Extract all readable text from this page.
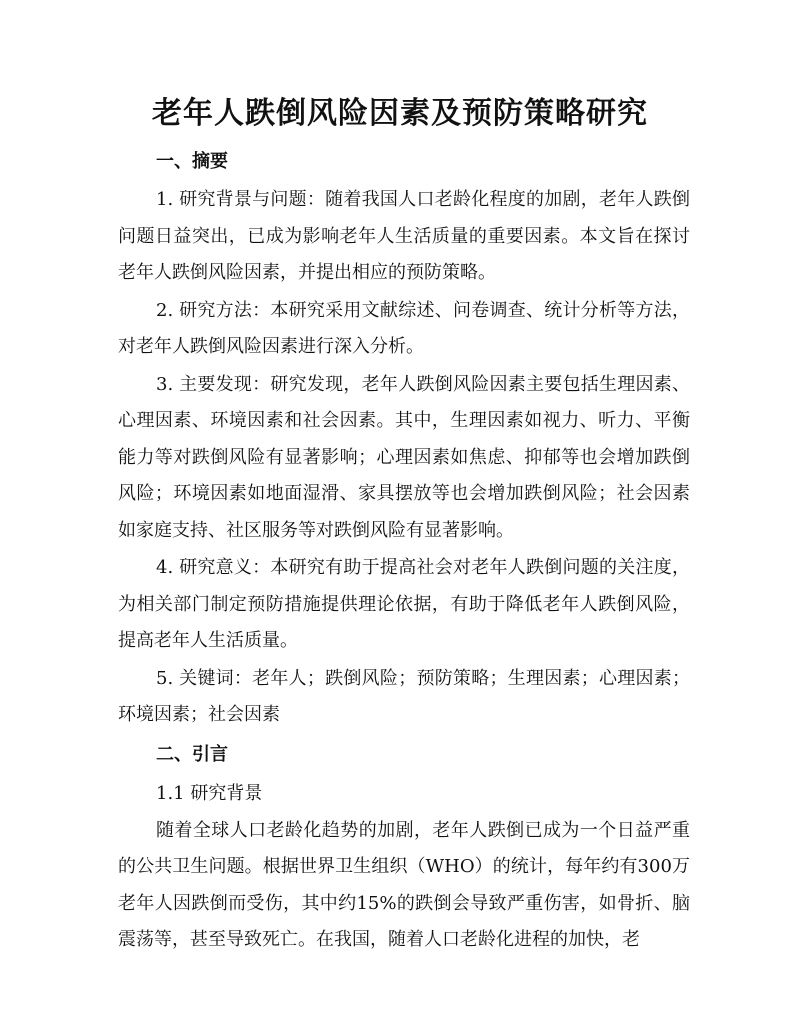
老年人跌倒风险因素及预防策略研究
一、摘要

1. 研究背景与问题：随着我国人口老龄化程度的加剧，老年人跌倒问题日益突出，已成为影响老年人生活质量的重要因素。本文旨在探讨老年人跌倒风险因素，并提出相应的预防策略。

2. 研究方法：本研究采用文献综述、问卷调查、统计分析等方法，对老年人跌倒风险因素进行深入分析。

3. 主要发现：研究发现，老年人跌倒风险因素主要包括生理因素、心理因素、环境因素和社会因素。其中，生理因素如视力、听力、平衡能力等对跌倒风险有显著影响；心理因素如焦虑、抑郁等也会增加跌倒风险；环境因素如地面湿滑、家具摆放等也会增加跌倒风险；社会因素如家庭支持、社区服务等对跌倒风险有显著影响。

4. 研究意义：本研究有助于提高社会对老年人跌倒问题的关注度，为相关部门制定预防措施提供理论依据，有助于降低老年人跌倒风险，提高老年人生活质量。

5. 关键词：老年人；跌倒风险；预防策略；生理因素；心理因素；环境因素；社会因素

二、引言
1.1 研究背景

随着全球人口老龄化趋势的加剧，老年人跌倒已成为一个日益严重的公共卫生问题。根据世界卫生组织（WHO）的统计，每年约有300万老年人因跌倒而受伤，其中约15%的跌倒会导致严重伤害，如骨折、脑震荡等，甚至导致死亡。在我国，随着人口老龄化进程的加快，老
